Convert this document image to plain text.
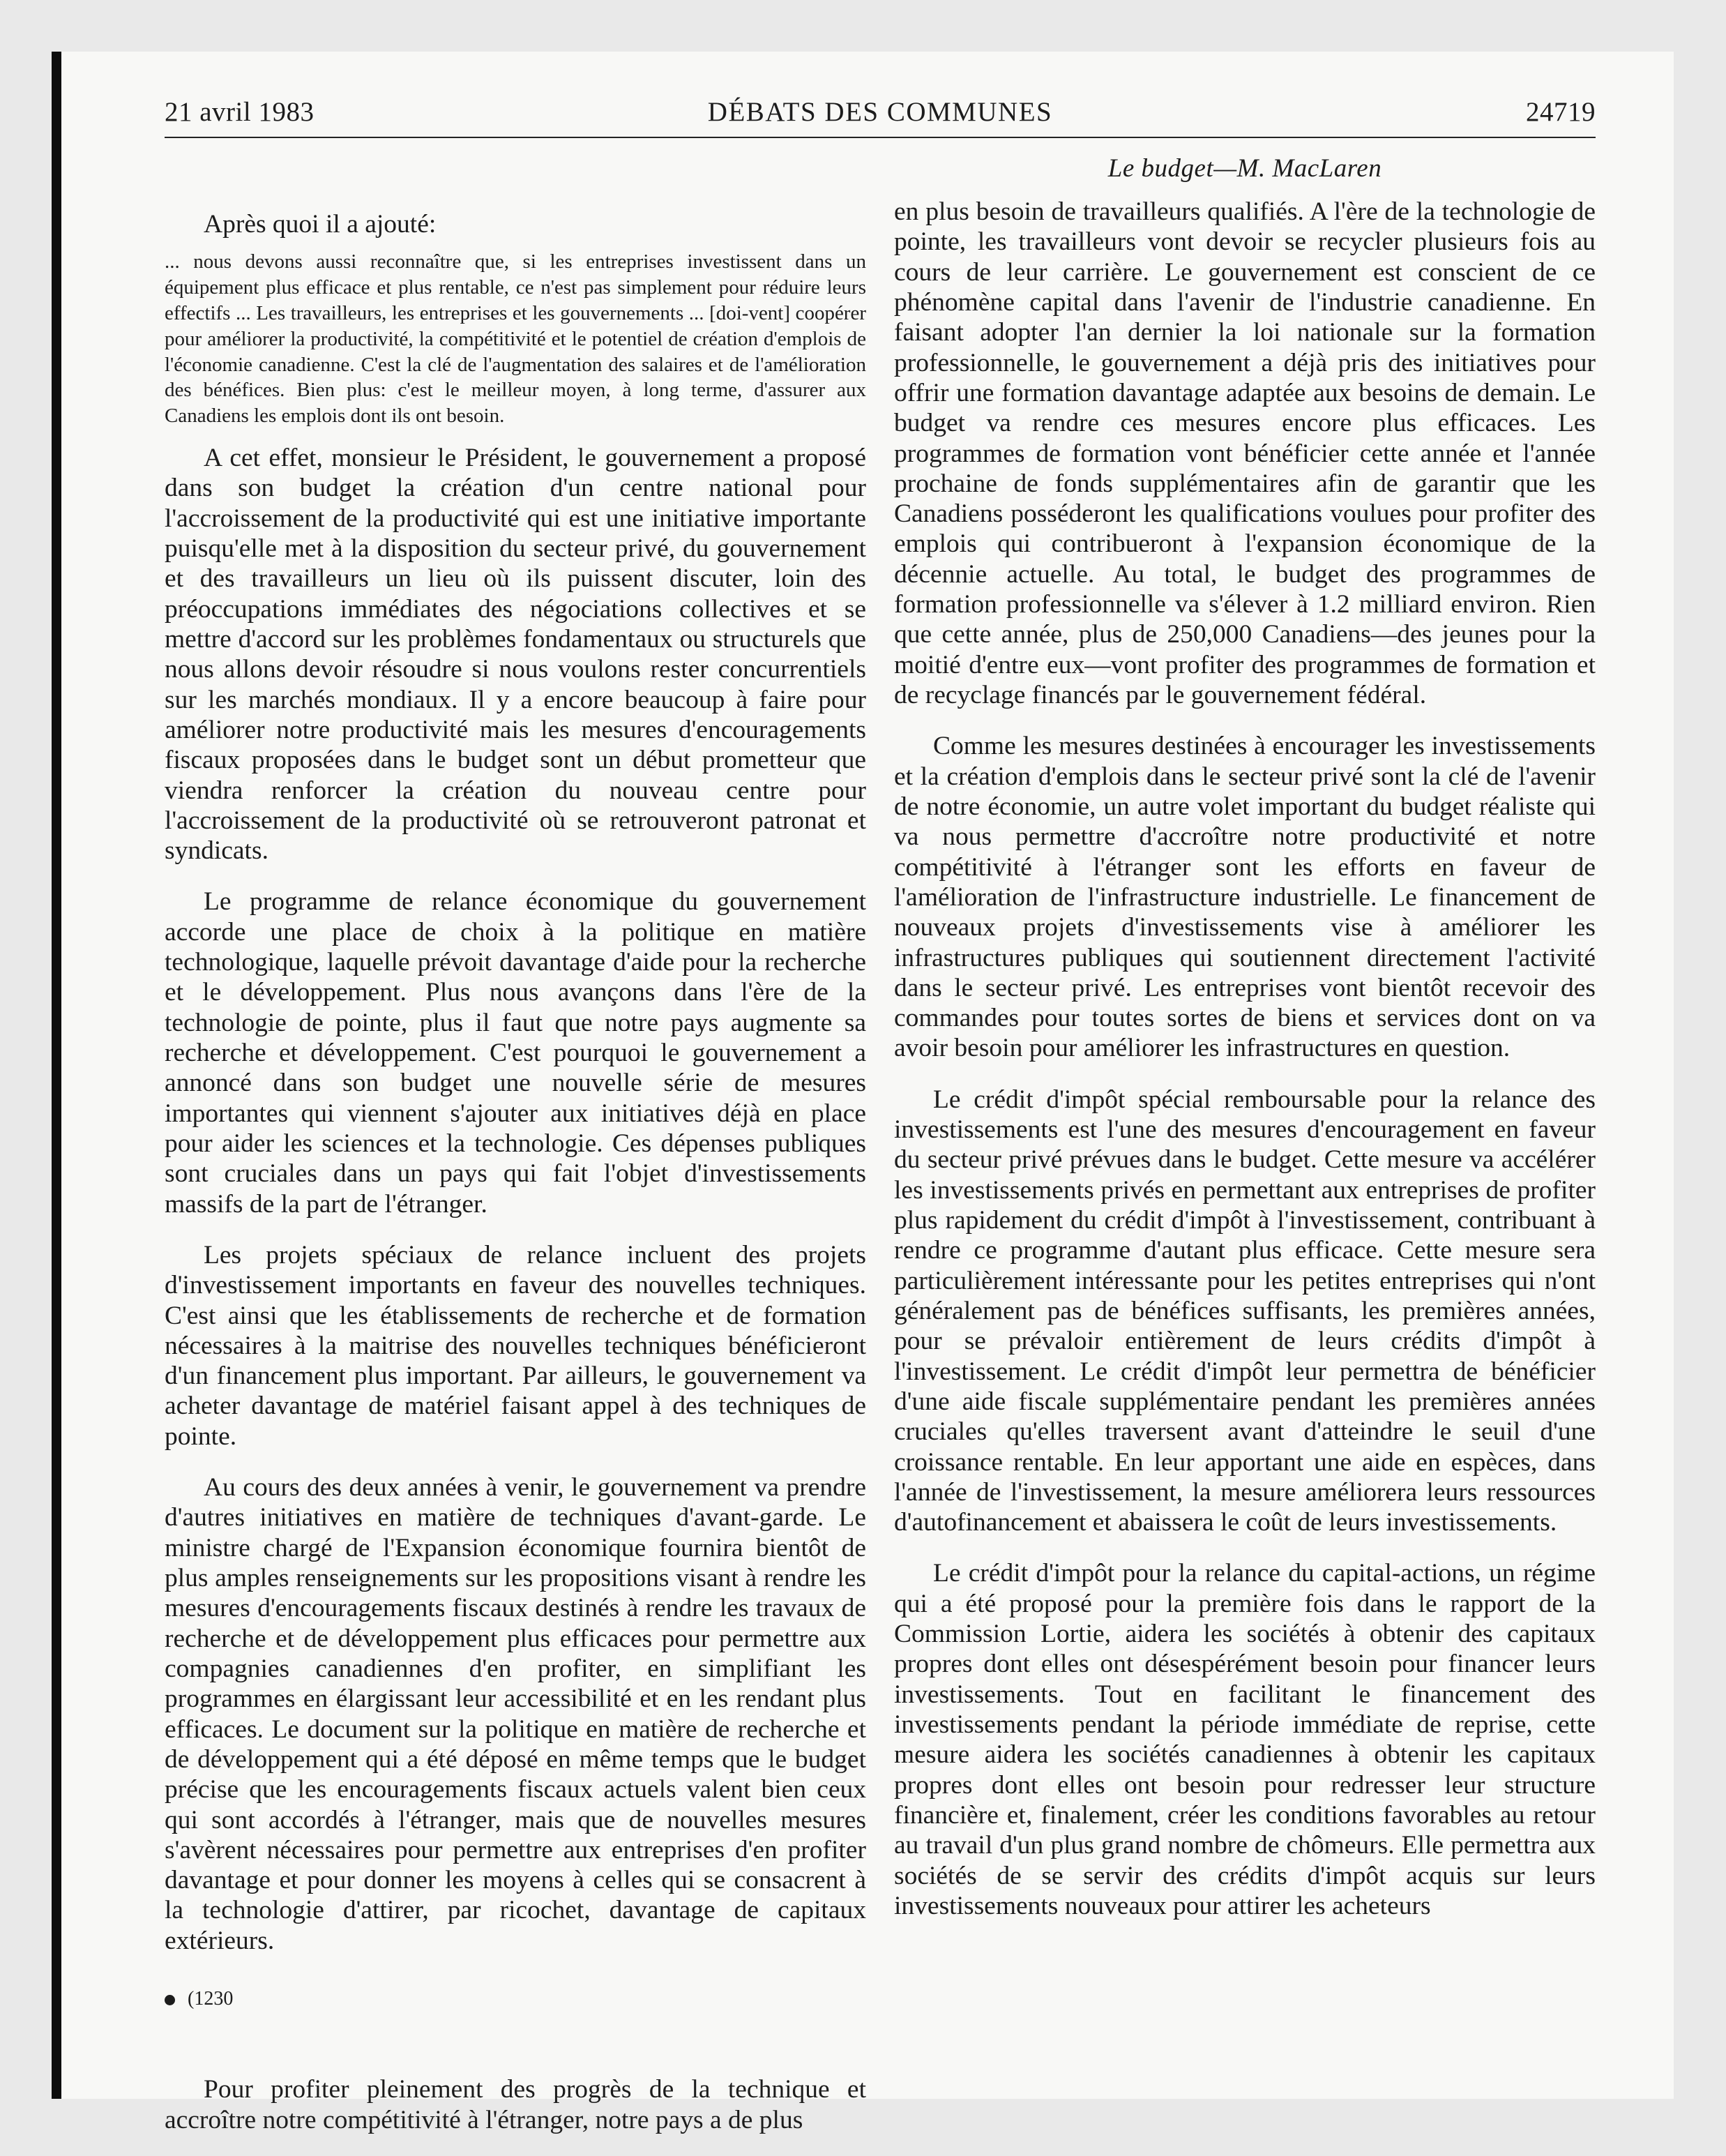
21 avril 1983	DÉBATS DES COMMUNES	24719
Le budget—M. MacLaren

Après quoi il a ajouté:

... nous devons aussi reconnaître que, si les entreprises investissent dans un équipement plus efficace et plus rentable, ce n'est pas simplement pour réduire leurs effectifs ... Les travailleurs, les entreprises et les gouvernements ... [doi-vent] coopérer pour améliorer la productivité, la compétitivité et le potentiel de création d'emplois de l'économie canadienne. C'est la clé de l'augmentation des salaires et de l'amélioration des bénéfices. Bien plus: c'est le meilleur moyen, à long terme, d'assurer aux Canadiens les emplois dont ils ont besoin.

A cet effet, monsieur le Président, le gouvernement a proposé dans son budget la création d'un centre national pour l'accroissement de la productivité qui est une initiative importante puisqu'elle met à la disposition du secteur privé, du gouvernement et des travailleurs un lieu où ils puissent discuter, loin des préoccupations immédiates des négociations collectives et se mettre d'accord sur les problèmes fondamentaux ou structurels que nous allons devoir résoudre si nous voulons rester concurrentiels sur les marchés mondiaux. Il y a encore beaucoup à faire pour améliorer notre productivité mais les mesures d'encouragements fiscaux proposées dans le budget sont un début prometteur que viendra renforcer la création du nouveau centre pour l'accroissement de la productivité où se retrouveront patronat et syndicats.

Le programme de relance économique du gouvernement accorde une place de choix à la politique en matière technologique, laquelle prévoit davantage d'aide pour la recherche et le développement. Plus nous avançons dans l'ère de la technologie de pointe, plus il faut que notre pays augmente sa recherche et développement. C'est pourquoi le gouvernement a annoncé dans son budget une nouvelle série de mesures importantes qui viennent s'ajouter aux initiatives déjà en place pour aider les sciences et la technologie. Ces dépenses publiques sont cruciales dans un pays qui fait l'objet d'investissements massifs de la part de l'étranger.

Les projets spéciaux de relance incluent des projets d'investissement importants en faveur des nouvelles techniques. C'est ainsi que les établissements de recherche et de formation nécessaires à la maitrise des nouvelles techniques bénéficieront d'un financement plus important. Par ailleurs, le gouvernement va acheter davantage de matériel faisant appel à des techniques de pointe.

Au cours des deux années à venir, le gouvernement va prendre d'autres initiatives en matière de techniques d'avant-garde. Le ministre chargé de l'Expansion économique fournira bientôt de plus amples renseignements sur les propositions visant à rendre les mesures d'encouragements fiscaux destinés à rendre les travaux de recherche et de développement plus efficaces pour permettre aux compagnies canadiennes d'en profiter, en simplifiant les programmes en élargissant leur accessibilité et en les rendant plus efficaces. Le document sur la politique en matière de recherche et de développement qui a été déposé en même temps que le budget précise que les encouragements fiscaux actuels valent bien ceux qui sont accordés à l'étranger, mais que de nouvelles mesures s'avèrent nécessaires pour permettre aux entreprises d'en profiter davantage et pour donner les moyens à celles qui se consacrent à la technologie d'attirer, par ricochet, davantage de capitaux extérieurs.

(1230

Pour profiter pleinement des progrès de la technique et accroître notre compétitivité à l'étranger, notre pays a de plus

en plus besoin de travailleurs qualifiés. A l'ère de la technologie de pointe, les travailleurs vont devoir se recycler plusieurs fois au cours de leur carrière. Le gouvernement est conscient de ce phénomène capital dans l'avenir de l'industrie canadienne. En faisant adopter l'an dernier la loi nationale sur la formation professionnelle, le gouvernement a déjà pris des initiatives pour offrir une formation davantage adaptée aux besoins de demain. Le budget va rendre ces mesures encore plus efficaces. Les programmes de formation vont bénéficier cette année et l'année prochaine de fonds supplémentaires afin de garantir que les Canadiens posséderont les qualifications voulues pour profiter des emplois qui contribueront à l'expansion économique de la décennie actuelle. Au total, le budget des programmes de formation professionnelle va s'élever à 1.2 milliard environ. Rien que cette année, plus de 250,000 Canadiens—des jeunes pour la moitié d'entre eux—vont profiter des programmes de formation et de recyclage financés par le gouvernement fédéral.

Comme les mesures destinées à encourager les investissements et la création d'emplois dans le secteur privé sont la clé de l'avenir de notre économie, un autre volet important du budget réaliste qui va nous permettre d'accroître notre productivité et notre compétitivité à l'étranger sont les efforts en faveur de l'amélioration de l'infrastructure industrielle. Le financement de nouveaux projets d'investissements vise à améliorer les infrastructures publiques qui soutiennent directement l'activité dans le secteur privé. Les entreprises vont bientôt recevoir des commandes pour toutes sortes de biens et services dont on va avoir besoin pour améliorer les infrastructures en question.

Le crédit d'impôt spécial remboursable pour la relance des investissements est l'une des mesures d'encouragement en faveur du secteur privé prévues dans le budget. Cette mesure va accélérer les investissements privés en permettant aux entreprises de profiter plus rapidement du crédit d'impôt à l'investissement, contribuant à rendre ce programme d'autant plus efficace. Cette mesure sera particulièrement intéressante pour les petites entreprises qui n'ont généralement pas de bénéfices suffisants, les premières années, pour se prévaloir entièrement de leurs crédits d'impôt à l'investissement. Le crédit d'impôt leur permettra de bénéficier d'une aide fiscale supplémentaire pendant les premières années cruciales qu'elles traversent avant d'atteindre le seuil d'une croissance rentable. En leur apportant une aide en espèces, dans l'année de l'investissement, la mesure améliorera leurs ressources d'autofinancement et abaissera le coût de leurs investissements.

Le crédit d'impôt pour la relance du capital-actions, un régime qui a été proposé pour la première fois dans le rapport de la Commission Lortie, aidera les sociétés à obtenir des capitaux propres dont elles ont désespérément besoin pour financer leurs investissements. Tout en facilitant le financement des investissements pendant la période immédiate de reprise, cette mesure aidera les sociétés canadiennes à obtenir les capitaux propres dont elles ont besoin pour redresser leur structure financière et, finalement, créer les conditions favorables au retour au travail d'un plus grand nombre de chômeurs. Elle permettra aux sociétés de se servir des crédits d'impôt acquis sur leurs investissements nouveaux pour attirer les acheteurs
